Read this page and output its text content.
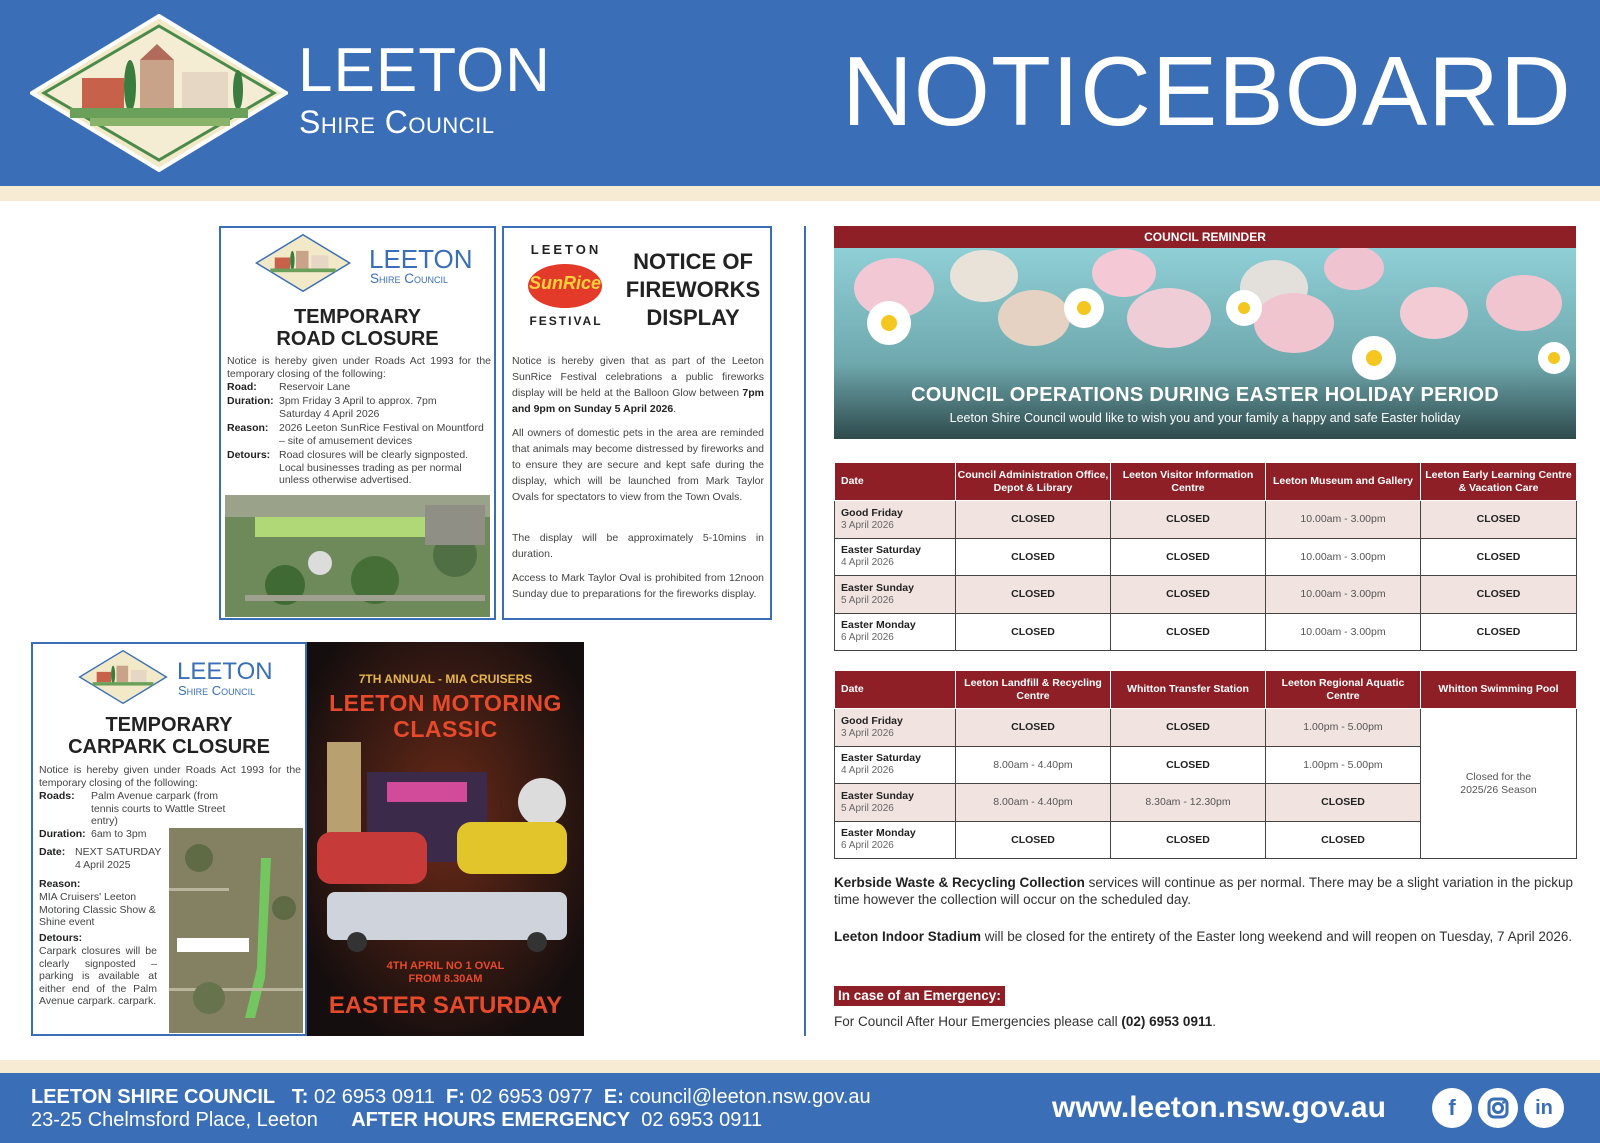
LEETON
Shire Council	NOTICEBOARD
LEETON
Shire Council
TEMPORARY
ROAD CLOSURE
Notice is hereby given under Roads Act 1993 for the temporary closing of the following:
Road: Reservoir Lane
Duration: 3pm Friday 3 April to approx. 7pm Saturday 4 April 2026
Reason: 2026 Leeton SunRice Festival on Mountford – site of amusement devices
Detours: Road closures will be clearly signposted. Local businesses trading as per normal unless otherwise advertised.
LEETON
SunRice
FESTIVAL
NOTICE OF
FIREWORKS
DISPLAY
Notice is hereby given that as part of the Leeton SunRice Festival celebrations a public fireworks display will be held at the Balloon Glow between 7pm and 9pm on Sunday 5 April 2026.
All owners of domestic pets in the area are reminded that animals may become distressed by fireworks and to ensure they are secure and kept safe during the display, which will be launched from Mark Taylor Ovals for spectators to view from the Town Ovals.
The display will be approximately 5-10mins in duration.
Access to Mark Taylor Oval is prohibited from 12noon Sunday due to preparations for the fireworks display.
LEETON
Shire Council
TEMPORARY
CARPARK CLOSURE
Notice is hereby given under Roads Act 1993 for the temporary closing of the following:
Roads: Palm Avenue carpark (from tennis courts to Wattle Street entry)
Duration: 6am to 3pm
Date: NEXT SATURDAY
4 April 2025
Reason:
MIA Cruisers' Leeton Motoring Classic Show & Shine event
Detours:
Carpark closures will be clearly signposted – parking is available at either end of the Palm Avenue carpark. carpark.
7TH ANNUAL - MIA CRUISERS
LEETON MOTORING
CLASSIC
4TH APRIL NO 1 OVAL
FROM 8.30AM
EASTER SATURDAY
COUNCIL REMINDER
COUNCIL OPERATIONS DURING EASTER HOLIDAY PERIOD
Leeton Shire Council would like to wish you and your family a happy and safe Easter holiday
Date	Council Administration Office, Depot & Library	Leeton Visitor Information Centre	Leeton Museum and Gallery	Leeton Early Learning Centre & Vacation Care

Good Friday
3 April 2026	CLOSED	CLOSED	10.00am - 3.00pm	CLOSED

Easter Saturday
4 April 2026	CLOSED	CLOSED	10.00am - 3.00pm	CLOSED

Easter Sunday
5 April 2026	CLOSED	CLOSED	10.00am - 3.00pm	CLOSED

Easter Monday
6 April 2026	CLOSED	CLOSED	10.00am - 3.00pm	CLOSED
Date	Leeton Landfill & Recycling Centre	Whitton Transfer Station	Leeton Regional Aquatic Centre	Whitton Swimming Pool

Good Friday
3 April 2026	CLOSED	CLOSED	1.00pm - 5.00pm	Closed for the 2025/26 Season

Easter Saturday
4 April 2026	8.00am - 4.40pm	CLOSED	1.00pm - 5.00pm	

Easter Sunday
5 April 2026	8.00am - 4.40pm	8.30am - 12.30pm	CLOSED	

Easter Monday
6 April 2026	CLOSED	CLOSED	CLOSED	
Kerbside Waste & Recycling Collection services will continue as per normal. There may be a slight variation in the pickup time however the collection will occur on the scheduled day.
Leeton Indoor Stadium will be closed for the entirety of the Easter long weekend and will reopen on Tuesday, 7 April 2026.
In case of an Emergency:
For Council After Hour Emergencies please call (02) 6953 0911.
LEETON SHIRE COUNCIL T: 02 6953 0911 F: 02 6953 0977 E: council@leeton.nsw.gov.au
23-25 Chelmsford Place, Leeton AFTER HOURS EMERGENCY 02 6953 0911	www.leeton.nsw.gov.au	f	in
